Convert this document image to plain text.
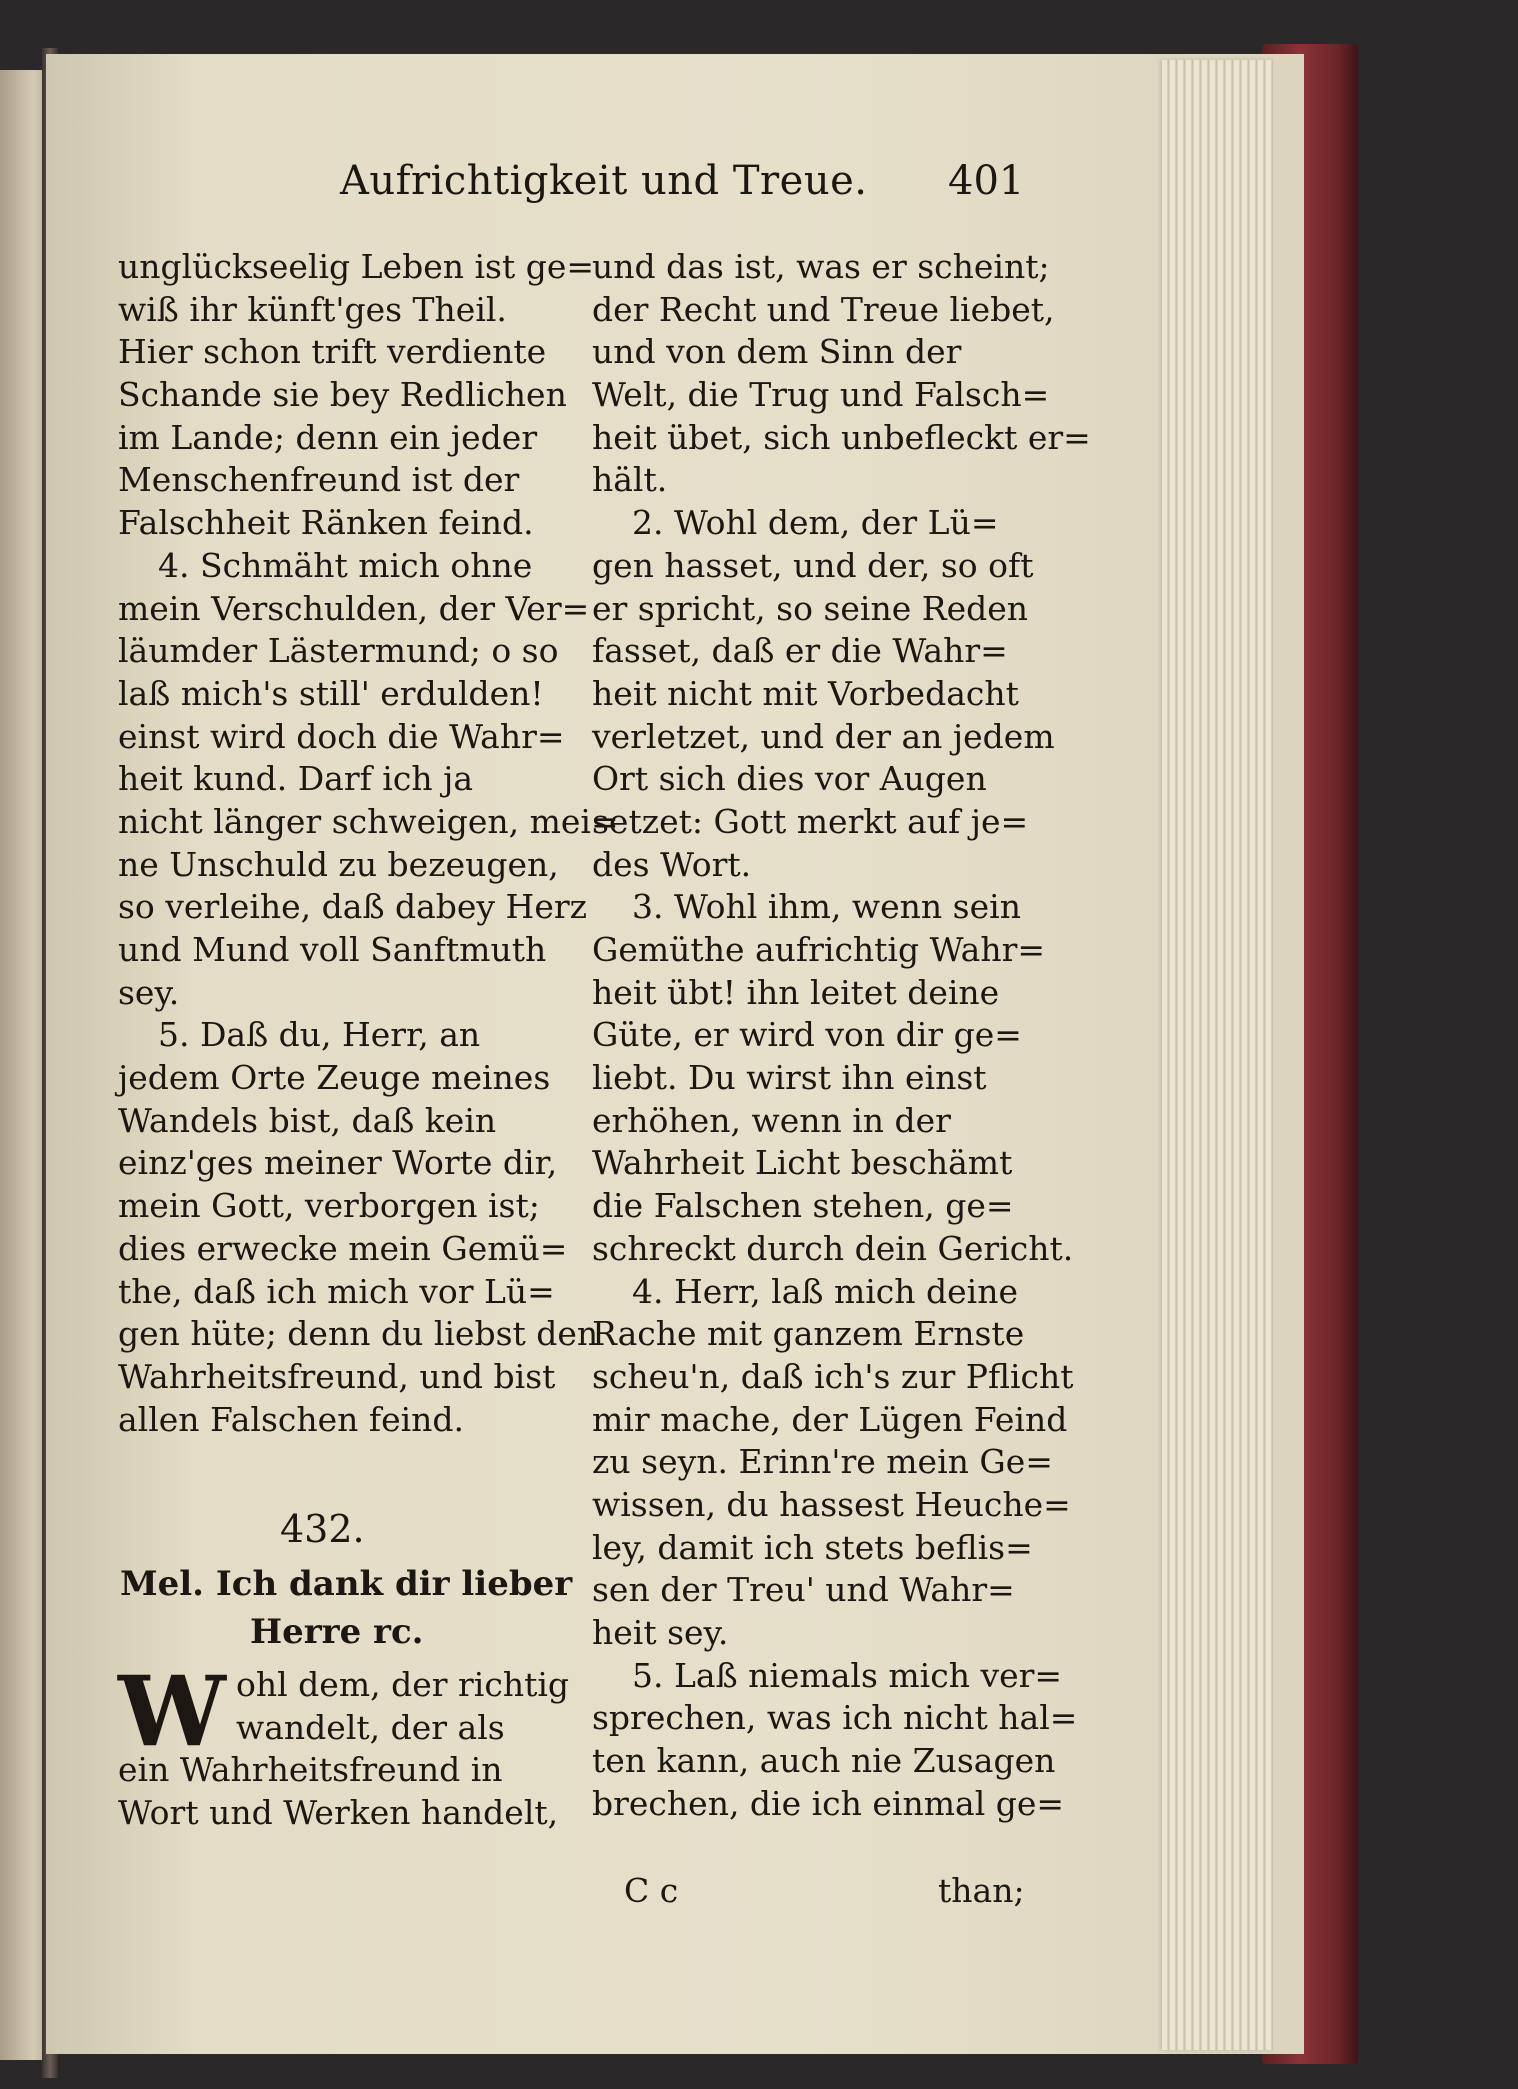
Aufrichtigkeit und Treue. 401
unglückseelig Leben ist ge=
wiß ihr künft'ges Theil.
Hier schon trift verdiente
Schande sie bey Redlichen
im Lande; denn ein jeder
Menschenfreund ist der
Falschheit Ränken feind.
4. Schmäht mich ohne
mein Verschulden, der Ver=
läumder Lästermund; o so
laß mich's still' erdulden!
einst wird doch die Wahr=
heit kund. Darf ich ja
nicht länger schweigen, mei=
ne Unschuld zu bezeugen,
so verleihe, daß dabey Herz
und Mund voll Sanftmuth
sey.
5. Daß du, Herr, an
jedem Orte Zeuge meines
Wandels bist, daß kein
einz'ges meiner Worte dir,
mein Gott, verborgen ist;
dies erwecke mein Gemü=
the, daß ich mich vor Lü=
gen hüte; denn du liebst den
Wahrheitsfreund, und bist
allen Falschen feind.
432.
Mel. Ich dank dir lieber
Herre rc.
W ohl dem, der richtig
wandelt, der als
ein Wahrheitsfreund in
Wort und Werken handelt,
und das ist, was er scheint;
der Recht und Treue liebet,
und von dem Sinn der
Welt, die Trug und Falsch=
heit übet, sich unbefleckt er=
hält.
2. Wohl dem, der Lü=
gen hasset, und der, so oft
er spricht, so seine Reden
fasset, daß er die Wahr=
heit nicht mit Vorbedacht
verletzet, und der an jedem
Ort sich dies vor Augen
setzet: Gott merkt auf je=
des Wort.
3. Wohl ihm, wenn sein
Gemüthe aufrichtig Wahr=
heit übt! ihn leitet deine
Güte, er wird von dir ge=
liebt. Du wirst ihn einst
erhöhen, wenn in der
Wahrheit Licht beschämt
die Falschen stehen, ge=
schreckt durch dein Gericht.
4. Herr, laß mich deine
Rache mit ganzem Ernste
scheu'n, daß ich's zur Pflicht
mir mache, der Lügen Feind
zu seyn. Erinn're mein Ge=
wissen, du hassest Heuche=
ley, damit ich stets beflis=
sen der Treu' und Wahr=
heit sey.
5. Laß niemals mich ver=
sprechen, was ich nicht hal=
ten kann, auch nie Zusagen
brechen, die ich einmal ge=
C c	than;
